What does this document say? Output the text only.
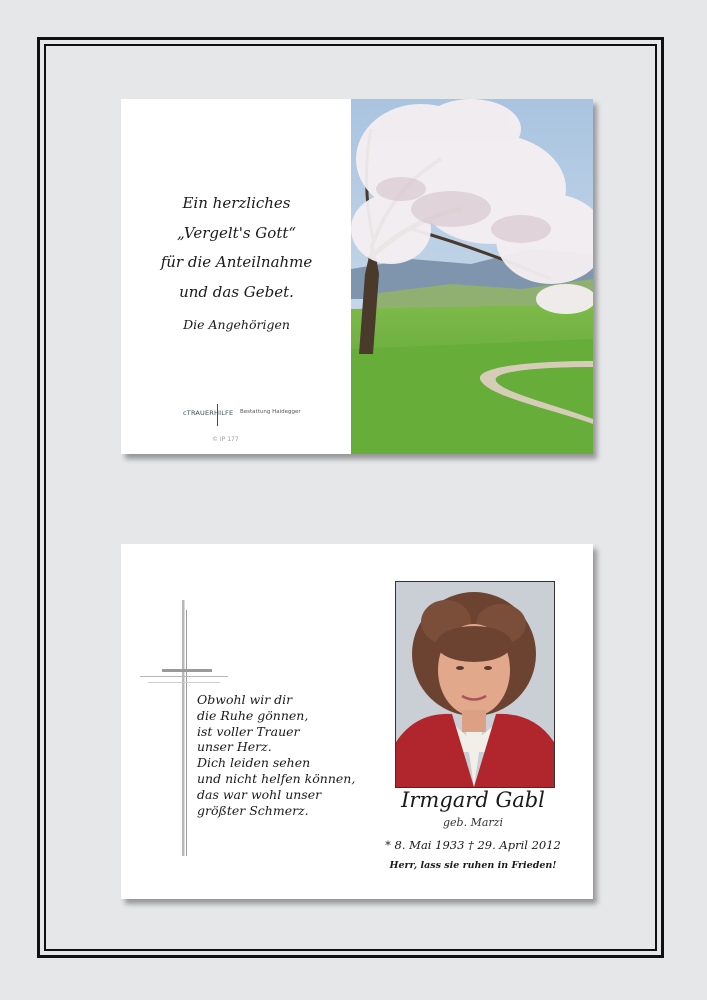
Ein herzliches
„Vergelt's Gott“
für die Anteilnahme
und das Gebet.
Die Angehörigen
cTRAUERHILFE Bestattung Haidegger
© IP 177
Obwohl wir dir
die Ruhe gönnen,
ist voller Trauer
unser Herz.
Dich leiden sehen
und nicht helfen können,
das war wohl unser
größter Schmerz.	Irmgard Gabl
geb. Marzi
* 8. Mai 1933 † 29. April 2012
Herr, lass sie ruhen in Frieden!
